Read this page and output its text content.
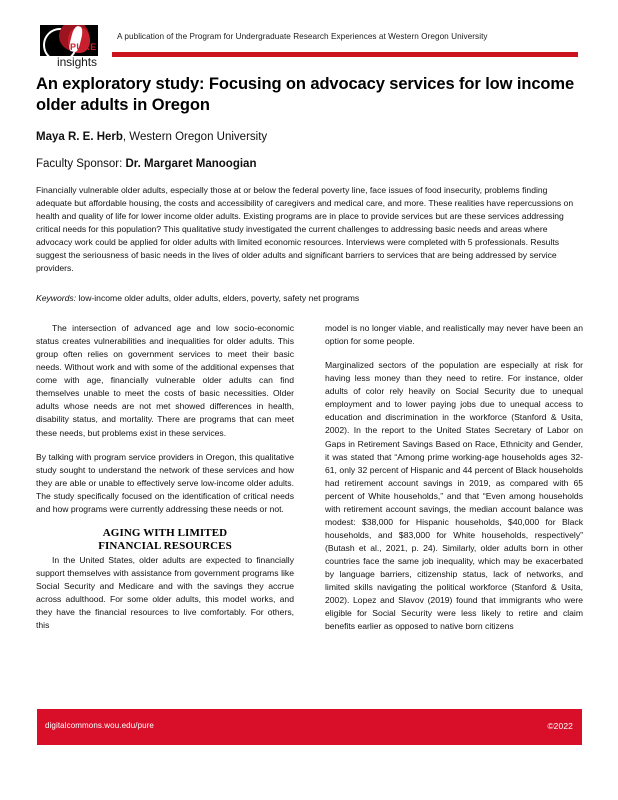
PURE
insights
A publication of the Program for Undergraduate Research Experiences at Western Oregon University
An exploratory study: Focusing on advocacy services for low income older adults in Oregon
Maya R. E. Herb, Western Oregon University
Faculty Sponsor: Dr. Margaret Manoogian
Financially vulnerable older adults, especially those at or below the federal poverty line, face issues of food insecurity, problems finding adequate but affordable housing, the costs and accessibility of caregivers and medical care, and more. These realities have repercussions on health and quality of life for lower income older adults. Existing programs are in place to provide services but are these services addressing critical needs for this population? This qualitative study investigated the current challenges to addressing basic needs and areas where advocacy work could be applied for older adults with limited economic resources. Interviews were completed with 5 professionals. Results suggest the seriousness of basic needs in the lives of older adults and significant barriers to services that are being addressed by service providers.
Keywords: low-income older adults, older adults, elders, poverty, safety net programs

The intersection of advanced age and low socio-economic status creates vulnerabilities and inequalities for older adults. This group often relies on government services to meet their basic needs. Without work and with some of the additional expenses that come with age, financially vulnerable older adults can find themselves unable to meet the costs of basic necessities. Older adults whose needs are not met showed differences in health, disability status, and mortality. There are programs that can meet these needs, but problems exist in these services.

By talking with program service providers in Oregon, this qualitative study sought to understand the network of these services and how they are able or unable to effectively serve low-income older adults. The study specifically focused on the identification of critical needs and how programs were currently addressing these needs or not.

AGING WITH LIMITED
FINANCIAL RESOURCES

In the United States, older adults are expected to financially support themselves with assistance from government programs like Social Security and Medicare and with the savings they accrue across adulthood. For some older adults, this model works, and they have the financial resources to live comfortably. For others, this

model is no longer viable, and realistically may never have been an option for some people.

Marginalized sectors of the population are especially at risk for having less money than they need to retire. For instance, older adults of color rely heavily on Social Security due to unequal employment and to lower paying jobs due to unequal access to education and discrimination in the workforce (Stanford & Usita, 2002). In the report to the United States Secretary of Labor on Gaps in Retirement Savings Based on Race, Ethnicity and Gender, it was stated that “Among prime working-age households ages 32-61, only 32 percent of Hispanic and 44 percent of Black households had retirement account savings in 2019, as compared with 65 percent of White households,” and that “Even among households with retirement account savings, the median account balance was modest: $38,000 for Hispanic households, $40,000 for Black households, and $83,000 for White households, respectively” (Butash et al., 2021, p. 24). Similarly, older adults born in other countries face the same job inequality, which may be exacerbated by language barriers, citizenship status, lack of networks, and limited skills navigating the political workforce (Stanford & Usita, 2002). Lopez and Slavov (2019) found that immigrants who were eligible for Social Security were less likely to retire and claim benefits earlier as opposed to native born citizens

digitalcommons.wou.edu/pure	©2022
